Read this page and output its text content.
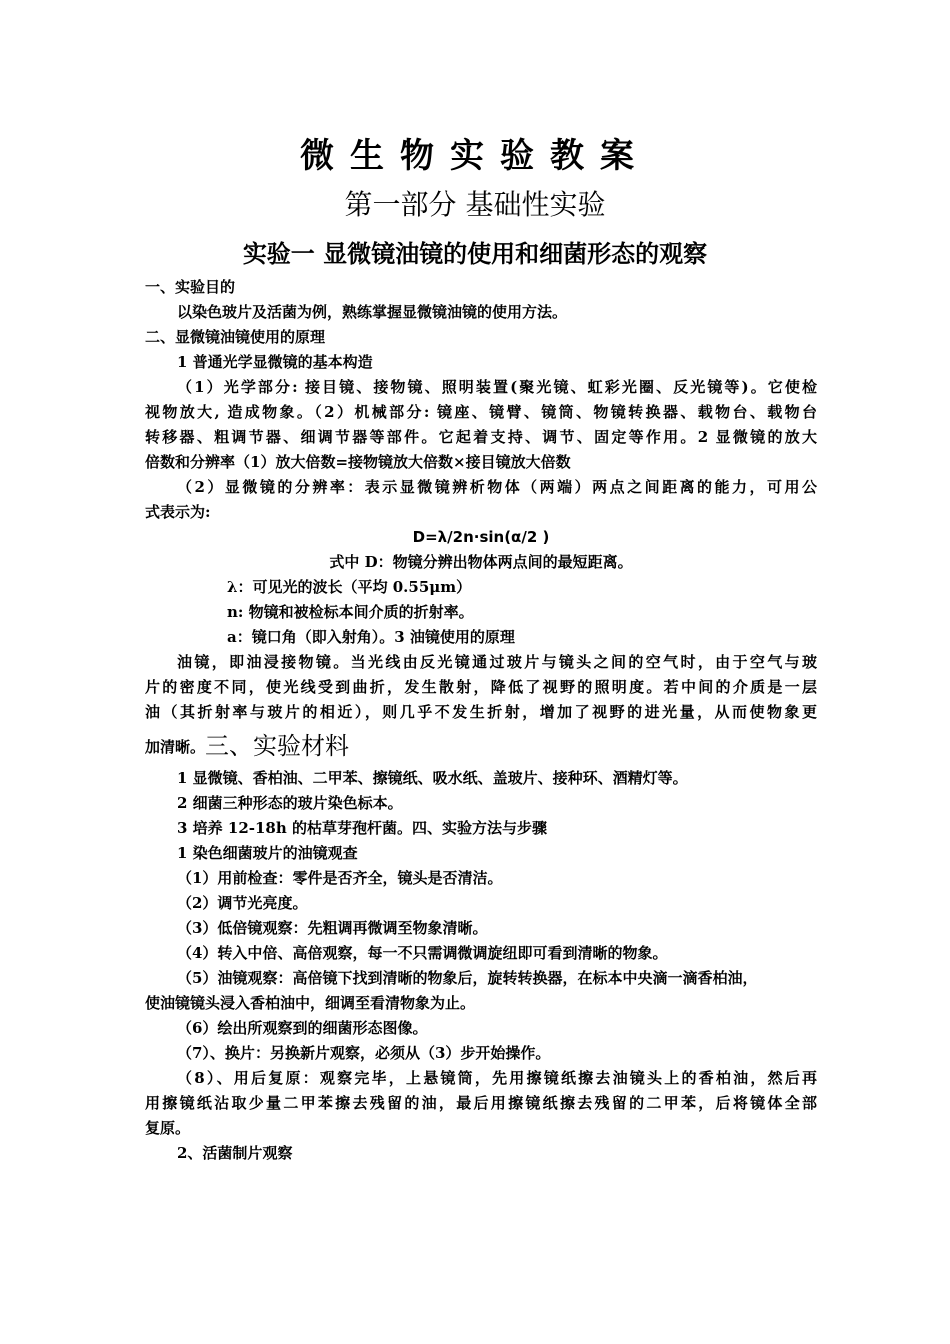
微生物实验教案
第一部分 基础性实验
实验一 显微镜油镜的使用和细菌形态的观察
一、实验目的
以染色玻片及活菌为例，熟练掌握显微镜油镜的使用方法。
二、显微镜油镜使用的原理
1 普通光学显微镜的基本构造
（1）光学部分: 接目镜、接物镜、照明装置(聚光镜、虹彩光圈、反光镜等)。它使检
视物放大, 造成物象。（2）机械部分: 镜座、镜臂、镜筒、物镜转换器、载物台、载物台
转移器、粗调节器、细调节器等部件。它起着支持、调节、固定等作用。2 显微镜的放大
倍数和分辨率（1）放大倍数=接物镜放大倍数×接目镜放大倍数
（2）显微镜的分辨率：表示显微镜辨析物体（两端）两点之间距离的能力，可用公
式表示为:
D=λ/2n·sin(α/2 )
式中 D：物镜分辨出物体两点间的最短距离。
λ：可见光的波长（平均 0.55μm）
n: 物镜和被检标本间介质的折射率。
a：镜口角（即入射角）。3 油镜使用的原理
油镜，即油浸接物镜。当光线由反光镜通过玻片与镜头之间的空气时，由于空气与玻
片的密度不同，使光线受到曲折，发生散射，降低了视野的照明度。若中间的介质是一层
油（其折射率与玻片的相近），则几乎不发生折射，增加了视野的进光量，从而使物象更
加清晰。三、实验材料
1 显微镜、香柏油、二甲苯、擦镜纸、吸水纸、盖玻片、接种环、酒精灯等。
2 细菌三种形态的玻片染色标本。
3 培养 12-18h 的枯草芽孢杆菌。四、实验方法与步骤
1 染色细菌玻片的油镜观查
（1）用前检查：零件是否齐全，镜头是否清洁。
（2）调节光亮度。
（3）低倍镜观察：先粗调再微调至物象清晰。
（4）转入中倍、高倍观察，每一不只需调微调旋纽即可看到清晰的物象。
（5）油镜观察：高倍镜下找到清晰的物象后，旋转转换器，在标本中央滴一滴香柏油，
使油镜镜头浸入香柏油中，细调至看清物象为止。
（6）绘出所观察到的细菌形态图像。
（7）、换片：另换新片观察，必须从（3）步开始操作。
（8）、用后复原：观察完毕，上悬镜筒，先用擦镜纸擦去油镜头上的香柏油，然后再
用擦镜纸沾取少量二甲苯擦去残留的油，最后用擦镜纸擦去残留的二甲苯，后将镜体全部
复原。
2、活菌制片观察
